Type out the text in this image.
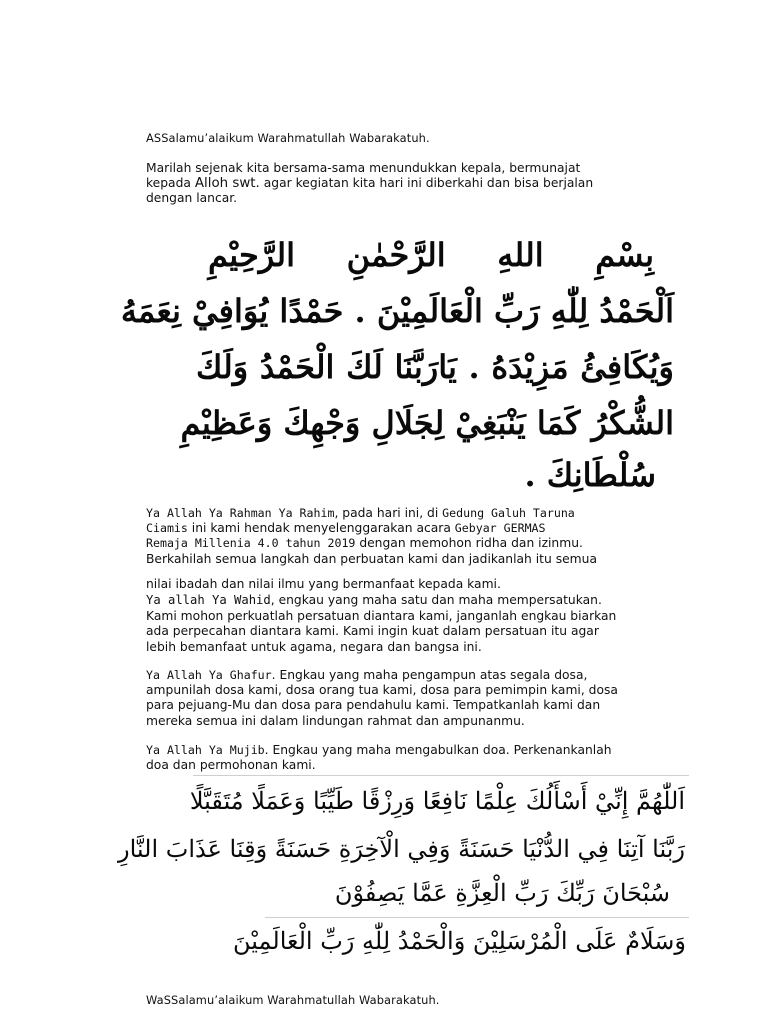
ASSalamu’alaikum Warahmatullah Wabarakatuh.

Marilah sejenak kita bersama-sama menundukkan kepala, bermunajat

kepada Alloh swt. agar kegiatan kita hari ini diberkahi dan bisa berjalan

dengan lancar.

بِسْمِ اللهِ الرَّحْمٰنِ الرَّحِيْمِ
اَلْحَمْدُ لِلّٰهِ رَبِّ الْعَالَمِيْنَ . حَمْدًا يُوَافِيْ نِعَمَهُ
وَيُكَافِئُ مَزِيْدَهُ . يَارَبَّنَا لَكَ الْحَمْدُ وَلَكَ
الشُّكْرُ كَمَا يَنْبَغِيْ لِجَلَالِ وَجْهِكَ وَعَظِيْمِ
سُلْطَانِكَ .

Ya Allah Ya Rahman Ya Rahim, pada hari ini, di Gedung Galuh Taruna

Ciamis ini kami hendak menyelenggarakan acara Gebyar GERMAS

Remaja Millenia 4.0 tahun 2019 dengan memohon ridha dan izinmu.

Berkahilah semua langkah dan perbuatan kami dan jadikanlah itu semua

nilai ibadah dan nilai ilmu yang bermanfaat kepada kami.

Ya allah Ya Wahid, engkau yang maha satu dan maha mempersatukan.

Kami mohon perkuatlah persatuan diantara kami, janganlah engkau biarkan

ada perpecahan diantara kami. Kami ingin kuat dalam persatuan itu agar

lebih bemanfaat untuk agama, negara dan bangsa ini.

Ya Allah Ya Ghafur. Engkau yang maha pengampun atas segala dosa,

ampunilah dosa kami, dosa orang tua kami, dosa para pemimpin kami, dosa

para pejuang-Mu dan dosa para pendahulu kami. Tempatkanlah kami dan

mereka semua ini dalam lindungan rahmat dan ampunanmu.

Ya Allah Ya Mujib. Engkau yang maha mengabulkan doa. Perkenankanlah

doa dan permohonan kami.

اَللّٰهُمَّ إِنِّيْ أَسْأَلُكَ عِلْمًا نَافِعًا وَرِزْقًا طَيِّبًا وَعَمَلًا مُتَقَبَّلًا
رَبَّنَا آتِنَا فِي الدُّنْيَا حَسَنَةً وَفِي الْآخِرَةِ حَسَنَةً وَقِنَا عَذَابَ النَّارِ
سُبْحَانَ رَبِّكَ رَبِّ الْعِزَّةِ عَمَّا يَصِفُوْنَ
وَسَلَامٌ عَلَى الْمُرْسَلِيْنَ وَالْحَمْدُ لِلّٰهِ رَبِّ الْعَالَمِيْنَ
WaSSalamu’alaikum Warahmatullah Wabarakatuh.
